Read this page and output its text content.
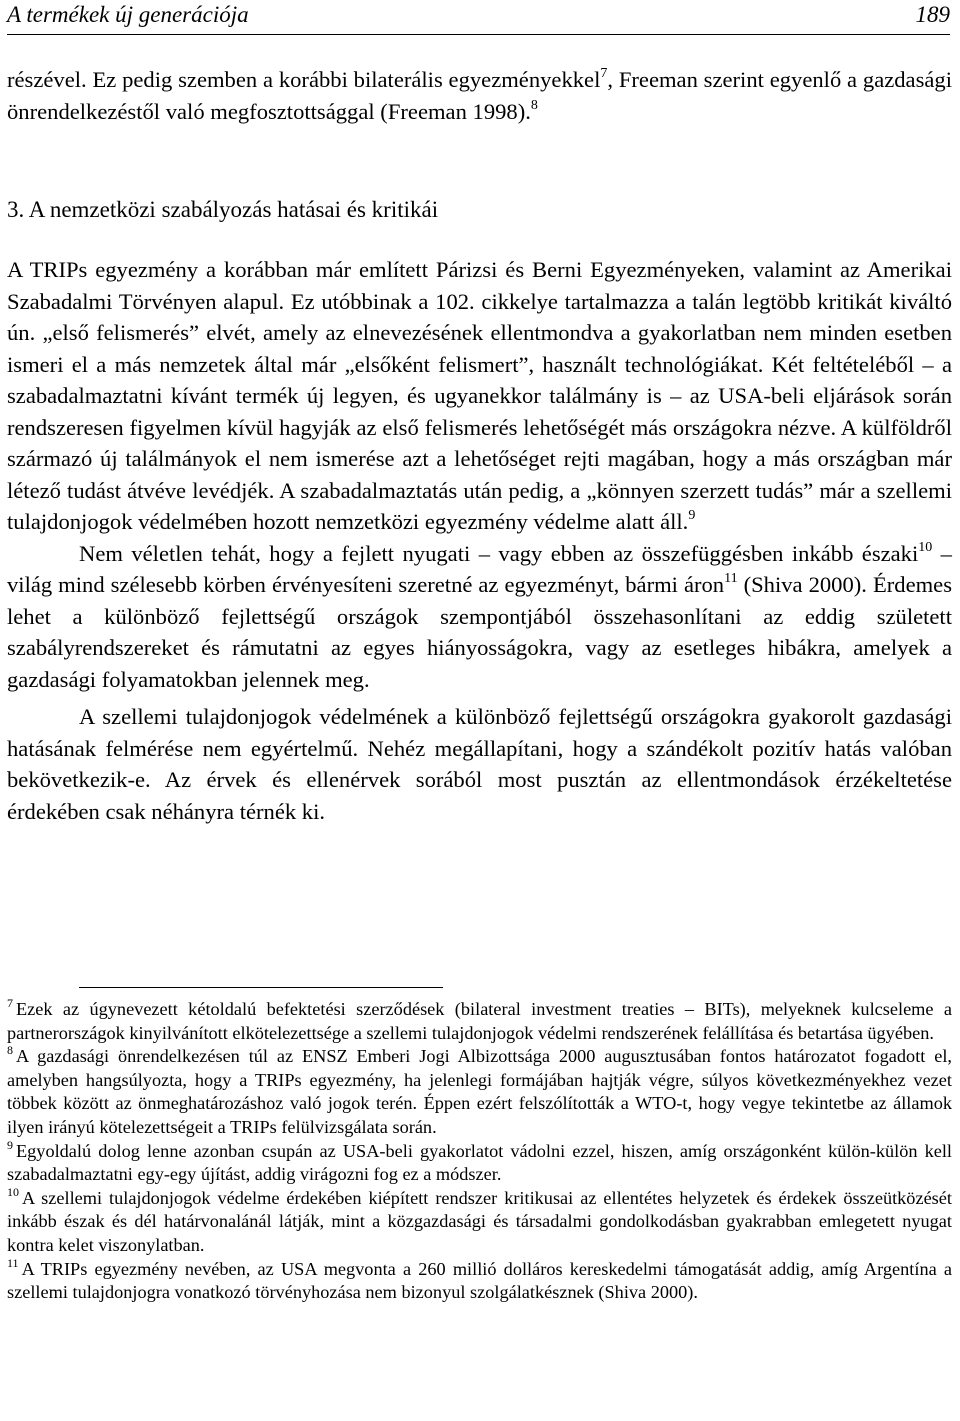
A termékek új generációja	189

részével. Ez pedig szemben a korábbi bilaterális egyezményekkel$^7$, Freeman szerint egyenlő a gazdasági önrendelkezéstől való megfosztottsággal (Freeman 1998).$^8$

3. A nemzetközi szabályozás hatásai és kritikái

A TRIPs egyezmény a korábban már említett Párizsi és Berni Egyezményeken, valamint az Amerikai Szabadalmi Törvényen alapul. Ez utóbbinak a 102. cikkelye tartalmazza a talán legtöbb kritikát kiváltó ún. „első felismerés” elvét, amely az elnevezésének ellentmondva a gyakorlatban nem minden esetben ismeri el a más nemzetek által már „elsőként felismert”, használt technológiákat. Két feltételéből – a szabadalmaztatni kívánt termék új legyen, és ugyanekkor találmány is – az USA-beli eljárások során rendszeresen figyelmen kívül hagyják az első felismerés lehetőségét más országokra nézve. A külföldről származó új találmányok el nem ismerése azt a lehetőséget rejti magában, hogy a más országban már létező tudást átvéve levédjék. A szabadalmaztatás után pedig, a „könnyen szerzett tudás” már a szellemi tulajdonjogok védelmében hozott nemzetközi egyezmény védelme alatt áll.$^9$

Nem véletlen tehát, hogy a fejlett nyugati – vagy ebben az összefüggésben inkább északi$^{10}$ – világ mind szélesebb körben érvényesíteni szeretné az egyezményt, bármi áron$^{11}$ (Shiva 2000). Érdemes lehet a különböző fejlettségű országok szempontjából összehasonlítani az eddig született szabályrendszereket és rámutatni az egyes hiányosságokra, vagy az esetleges hibákra, amelyek a gazdasági folyamatokban jelennek meg.

A szellemi tulajdonjogok védelmének a különböző fejlettségű országokra gyakorolt gazdasági hatásának felmérése nem egyértelmű. Nehéz megállapítani, hogy a szándékolt pozitív hatás valóban bekövetkezik-e. Az érvek és ellenérvek sorából most pusztán az ellentmondások érzékeltetése érdekében csak néhányra térnék ki.

$^7$ Ezek az úgynevezett kétoldalú befektetési szerződések (bilateral investment treaties – BITs), melyeknek kulcseleme a partnerországok kinyilvánított elkötelezettsége a szellemi tulajdonjogok védelmi rendszerének felállítása és betartása ügyében.

$^8$ A gazdasági önrendelkezésen túl az ENSZ Emberi Jogi Albizottsága 2000 augusztusában fontos határozatot fogadott el, amelyben hangsúlyozta, hogy a TRIPs egyezmény, ha jelenlegi formájában hajtják végre, súlyos következményekhez vezet többek között az önmeghatározáshoz való jogok terén. Éppen ezért felszólították a WTO-t, hogy vegye tekintetbe az államok ilyen irányú kötelezettségeit a TRIPs felülvizsgálata során.

$^9$ Egyoldalú dolog lenne azonban csupán az USA-beli gyakorlatot vádolni ezzel, hiszen, amíg országonként külön-külön kell szabadalmaztatni egy-egy újítást, addig virágozni fog ez a módszer.

$^{10}$ A szellemi tulajdonjogok védelme érdekében kiépített rendszer kritikusai az ellentétes helyzetek és érdekek összeütközését inkább észak és dél határvonalánál látják, mint a közgazdasági és társadalmi gondolkodásban gyakrabban emlegetett nyugat kontra kelet viszonylatban.

$^{11}$ A TRIPs egyezmény nevében, az USA megvonta a 260 millió dolláros kereskedelmi támogatását addig, amíg Argentína a szellemi tulajdonjogra vonatkozó törvényhozása nem bizonyul szolgálatkésznek (Shiva 2000).
